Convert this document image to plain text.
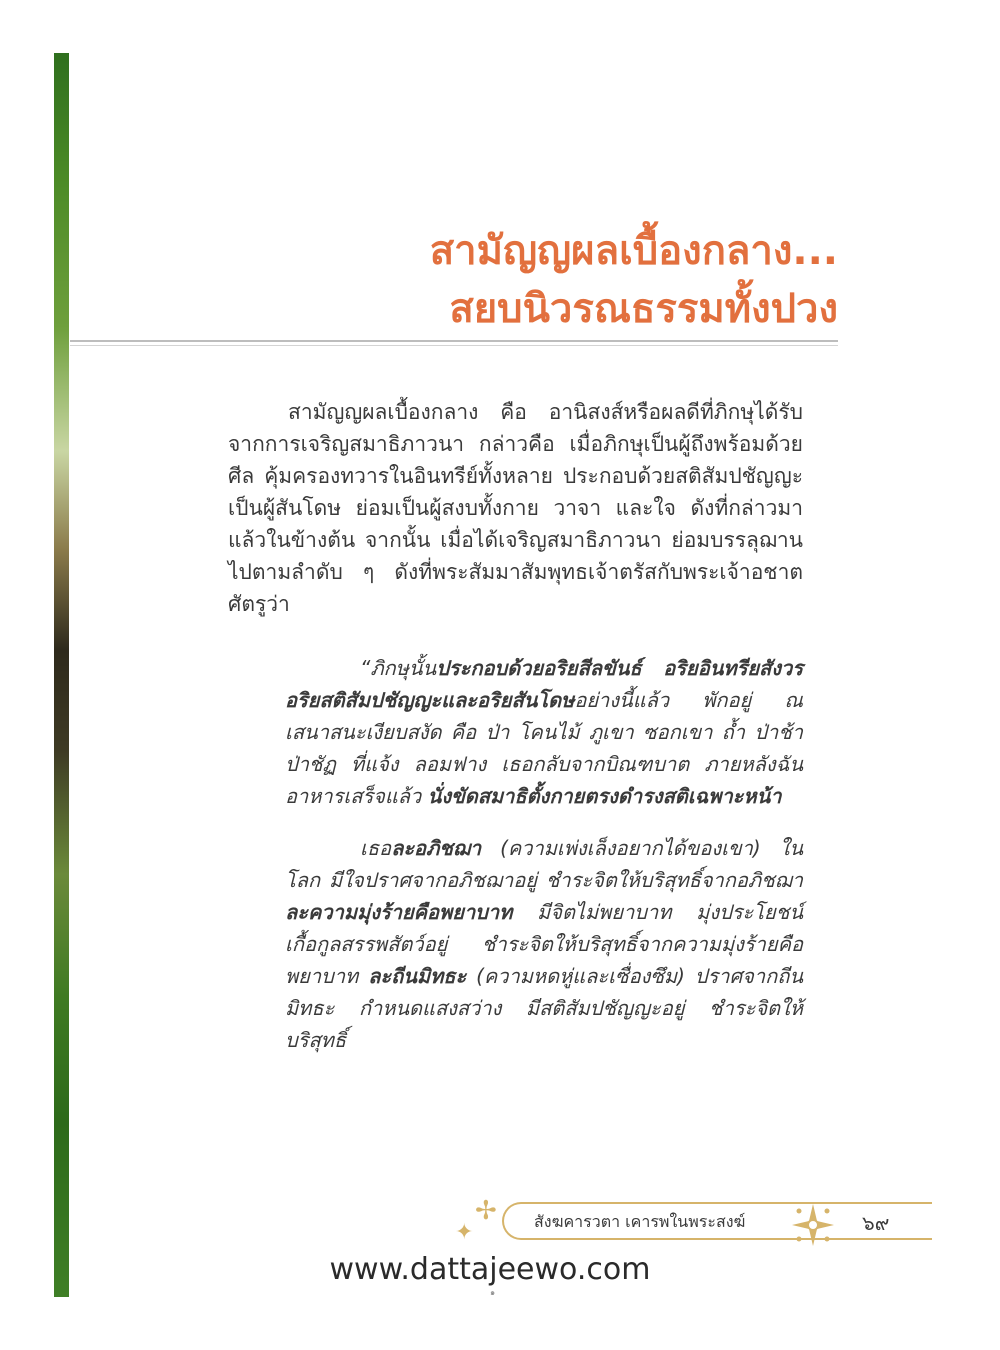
สามัญญผลเบื้องกลาง...
สยบนิวรณธรรมทั้งปวง

สามัญญผลเบื้องกลาง คือ อานิสงส์หรือผลดีที่ภิกษุได้รับจากการเจริญสมาธิภาวนา กล่าวคือ เมื่อภิกษุเป็นผู้ถึงพร้อมด้วยศีล คุ้มครองทวารในอินทรีย์ทั้งหลาย ประกอบด้วยสติสัมปชัญญะ เป็นผู้สันโดษ ย่อมเป็นผู้สงบทั้งกาย วาจา และใจ ดังที่กล่าวมาแล้วในข้างต้น จากนั้น เมื่อได้เจริญสมาธิภาวนา ย่อมบรรลุฌานไปตามลำดับ ๆ ดังที่พระสัมมาสัมพุทธเจ้าตรัสกับพระเจ้าอชาตศัตรูว่า

“ภิกษุนั้นประกอบด้วยอริยสีลขันธ์ อริยอินทรียสังวร อริยสติสัมปชัญญะและอริยสันโดษอย่างนี้แล้ว พักอยู่ ณ เสนาสนะเงียบสงัด คือ ป่า โคนไม้ ภูเขา ซอกเขา ถ้ำ ป่าช้า ป่าชัฏ ที่แจ้ง ลอมฟาง เธอกลับจากบิณฑบาต ภายหลังฉันอาหารเสร็จแล้ว นั่งขัดสมาธิตั้งกายตรงดำรงสติเฉพาะหน้า

เธอละอภิชฌา (ความเพ่งเล็งอยากได้ของเขา) ในโลก มีใจปราศจากอภิชฌาอยู่ ชำระจิตให้บริสุทธิ์จากอภิชฌา ละความมุ่งร้ายคือพยาบาท มีจิตไม่พยาบาท มุ่งประโยชน์เกื้อกูลสรรพสัตว์อยู่ ชำระจิตให้บริสุทธิ์จากความมุ่งร้ายคือพยาบาท ละถีนมิทธะ (ความหดหู่และเซื่องซึม) ปราศจากถีนมิทธะ กำหนดแสงสว่าง มีสติสัมปชัญญะอยู่ ชำระจิตให้บริสุทธิ์

✦
✢ สังฆคารวตา เคารพในพระสงฆ์	๖๙
www.dattajeewo.com
๑
